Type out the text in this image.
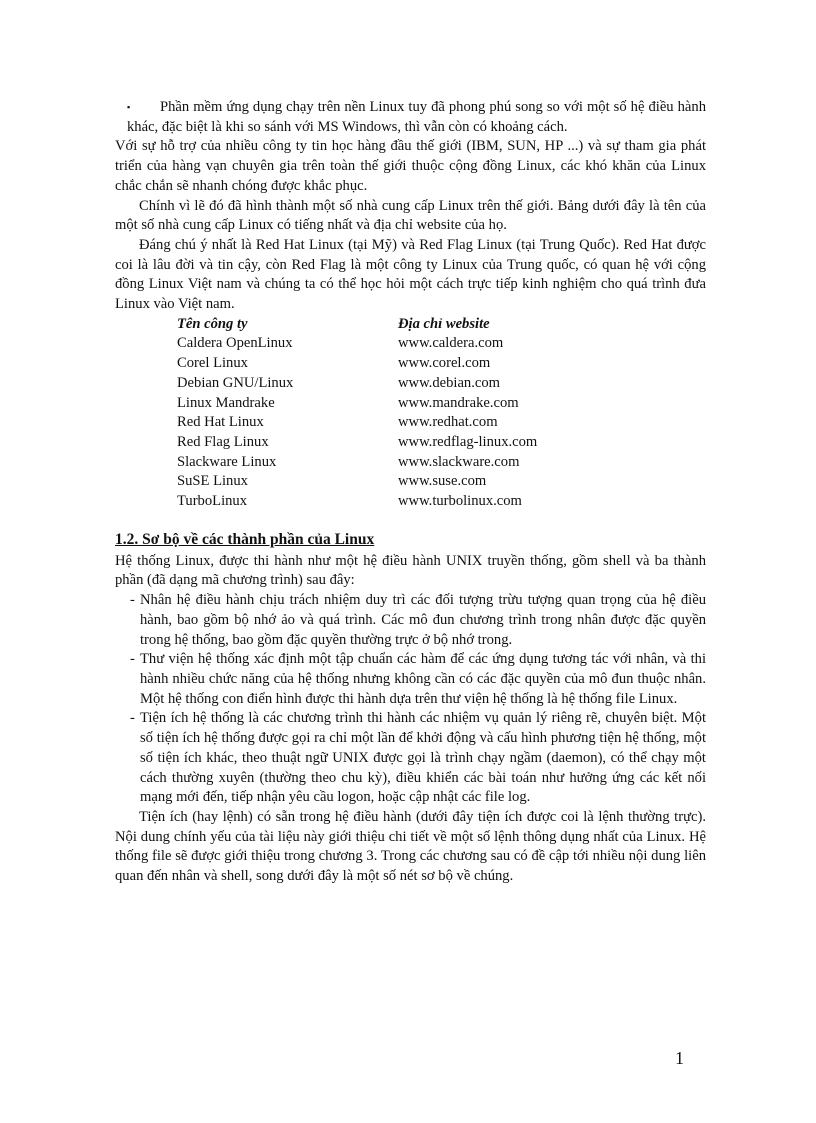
▪	Phần mềm ứng dụng chạy trên nền Linux tuy đã phong phú song so với một số hệ điều hành khác, đặc biệt là khi so sánh với MS Windows, thì vẫn còn có khoảng cách.

Với sự hỗ trợ của nhiều công ty tin học hàng đầu thế giới (IBM, SUN, HP ...) và sự tham gia phát triển của hàng vạn chuyên gia trên toàn thế giới thuộc cộng đồng Linux, các khó khăn của Linux chắc chắn sẽ nhanh chóng được khắc phục.

Chính vì lẽ đó đã hình thành một số nhà cung cấp Linux trên thế giới. Bảng dưới đây là tên của một số nhà cung cấp Linux có tiếng nhất và địa chỉ website của họ.

Đáng chú ý nhất là Red Hat Linux (tại Mỹ) và Red Flag Linux (tại Trung Quốc). Red Hat được coi là lâu đời và tin cậy, còn Red Flag là một công ty Linux của Trung quốc, có quan hệ với cộng đồng Linux Việt nam và chúng ta có thể học hỏi một cách trực tiếp kinh nghiệm cho quá trình đưa Linux vào Việt nam.

Tên công ty	Địa chỉ website
Caldera OpenLinux	www.caldera.com
Corel Linux	www.corel.com
Debian GNU/Linux	www.debian.com
Linux Mandrake	www.mandrake.com
Red Hat Linux	www.redhat.com
Red Flag Linux	www.redflag-linux.com
Slackware Linux	www.slackware.com
SuSE Linux	www.suse.com
TurboLinux	www.turbolinux.com
1.2. Sơ bộ về các thành phần của Linux

Hệ thống Linux, được thi hành như một hệ điều hành UNIX truyền thống, gồm shell và ba thành phần (đã dạng mã chương trình) sau đây:

- Nhân hệ điều hành chịu trách nhiệm duy trì các đối tượng trừu tượng quan trọng của hệ điều hành, bao gồm bộ nhớ ảo và quá trình. Các mô đun chương trình trong nhân được đặc quyền trong hệ thống, bao gồm đặc quyền thường trực ở bộ nhớ trong.
- Thư viện hệ thống xác định một tập chuẩn các hàm để các ứng dụng tương tác với nhân, và thi hành nhiều chức năng của hệ thống nhưng không cần có các đặc quyền của mô đun thuộc nhân. Một hệ thống con điển hình được thi hành dựa trên thư viện hệ thống là hệ thống file Linux.
- Tiện ích hệ thống là các chương trình thi hành các nhiệm vụ quản lý riêng rẽ, chuyên biệt. Một số tiện ích hệ thống được gọi ra chỉ một lần để khởi động và cấu hình phương tiện hệ thống, một số tiện ích khác, theo thuật ngữ UNIX được gọi là trình chạy ngầm (daemon), có thể chạy một cách thường xuyên (thường theo chu kỳ), điều khiển các bài toán như hưởng ứng các kết nối mạng mới đến, tiếp nhận yêu cầu logon, hoặc cập nhật các file log.

Tiện ích (hay lệnh) có sẵn trong hệ điều hành (dưới đây tiện ích được coi là lệnh thường trực). Nội dung chính yếu của tài liệu này giới thiệu chi tiết về một số lệnh thông dụng nhất của Linux. Hệ thống file sẽ được giới thiệu trong chương 3. Trong các chương sau có đề cập tới nhiều nội dung liên quan đến nhân và shell, song dưới đây là một số nét sơ bộ về chúng.

1
